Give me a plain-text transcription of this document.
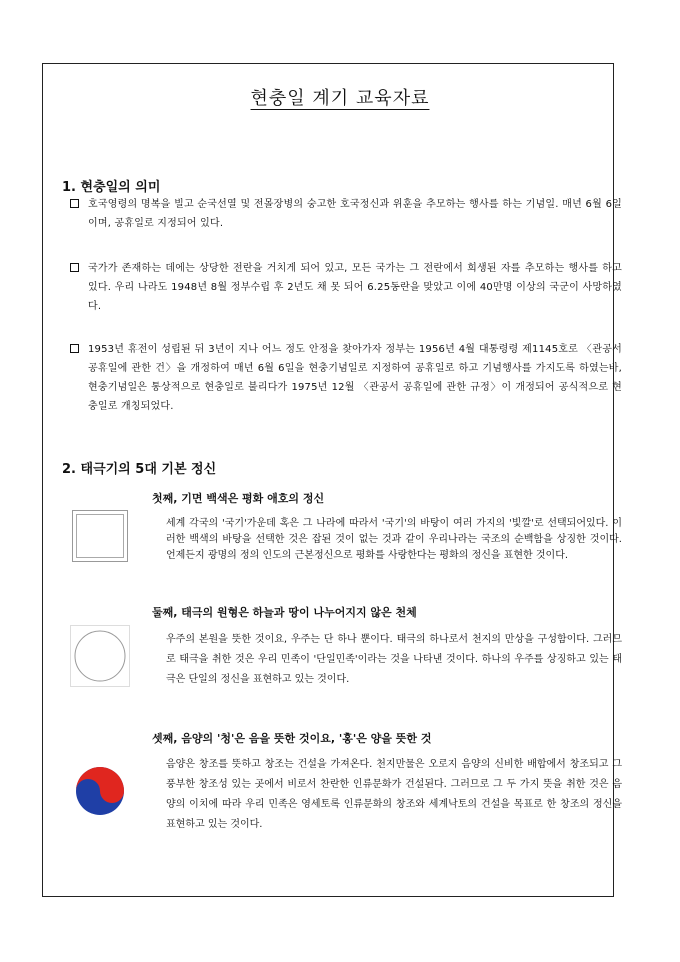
현충일 계기 교육자료
1. 현충일의 의미
호국영령의 명복을 빌고 순국선열 및 전몰장병의 숭고한 호국정신과 위훈을 추모하는 행사를 하는 기념일. 매년 6월 6일이며, 공휴일로 지정되어 있다.
국가가 존재하는 데에는 상당한 전란을 거치게 되어 있고, 모든 국가는 그 전란에서 희생된 자를 추모하는 행사를 하고 있다. 우리 나라도 1948년 8월 정부수립 후 2년도 채 못 되어 6.25동란을 맞았고 이에 40만명 이상의 국군이 사망하였다.
1953년 휴전이 성립된 뒤 3년이 지나 어느 정도 안정을 찾아가자 정부는 1956년 4월 대통령령 제1145호로 〈관공서 공휴일에 관한 건〉을 개정하여 매년 6월 6일을 현충기념일로 지정하여 공휴일로 하고 기념행사를 가지도록 하였는바, 현충기념일은 통상적으로 현충일로 불리다가 1975년 12월 〈관공서 공휴일에 관한 규정〉이 개정되어 공식적으로 현충일로 개칭되었다.
2. 태극기의 5대 기본 정신
첫째, 기면 백색은 평화 애호의 정신
세계 각국의 '국기'가운데 혹은 그 나라에 따라서 '국기'의 바탕이 여러 가지의 '빛깔'로 선택되어있다. 이러한 백색의 바탕을 선택한 것은 잡된 것이 없는 것과 같이 우리나라는 국조의 순백함을 상징한 것이다. 언제든지 광명의 정의 인도의 근본정신으로 평화를 사랑한다는 평화의 정신을 표현한 것이다.
둘째, 태극의 원형은 하늘과 땅이 나누어지지 않은 천체
우주의 본원을 뜻한 것이요, 우주는 단 하나 뿐이다. 태극의 하나로서 천지의 만상을 구성함이다. 그러므로 태극을 취한 것은 우리 민족이 '단일민족'이라는 것을 나타낸 것이다. 하나의 우주를 상징하고 있는 태극은 단일의 정신을 표현하고 있는 것이다.
셋째, 음양의 '청'은 음을 뜻한 것이요, '홍'은 양을 뜻한 것
음양은 창조를 뜻하고 창조는 건설을 가져온다. 천지만물은 오로지 음양의 신비한 배합에서 창조되고 그 풍부한 창조성 있는 곳에서 비로서 찬란한 인류문화가 건설된다. 그러므로 그 두 가지 뜻을 취한 것은 음양의 이치에 따라 우리 민족은 영세토록 인류문화의 창조와 세계낙토의 건설을 목표로 한 창조의 정신을 표현하고 있는 것이다.
